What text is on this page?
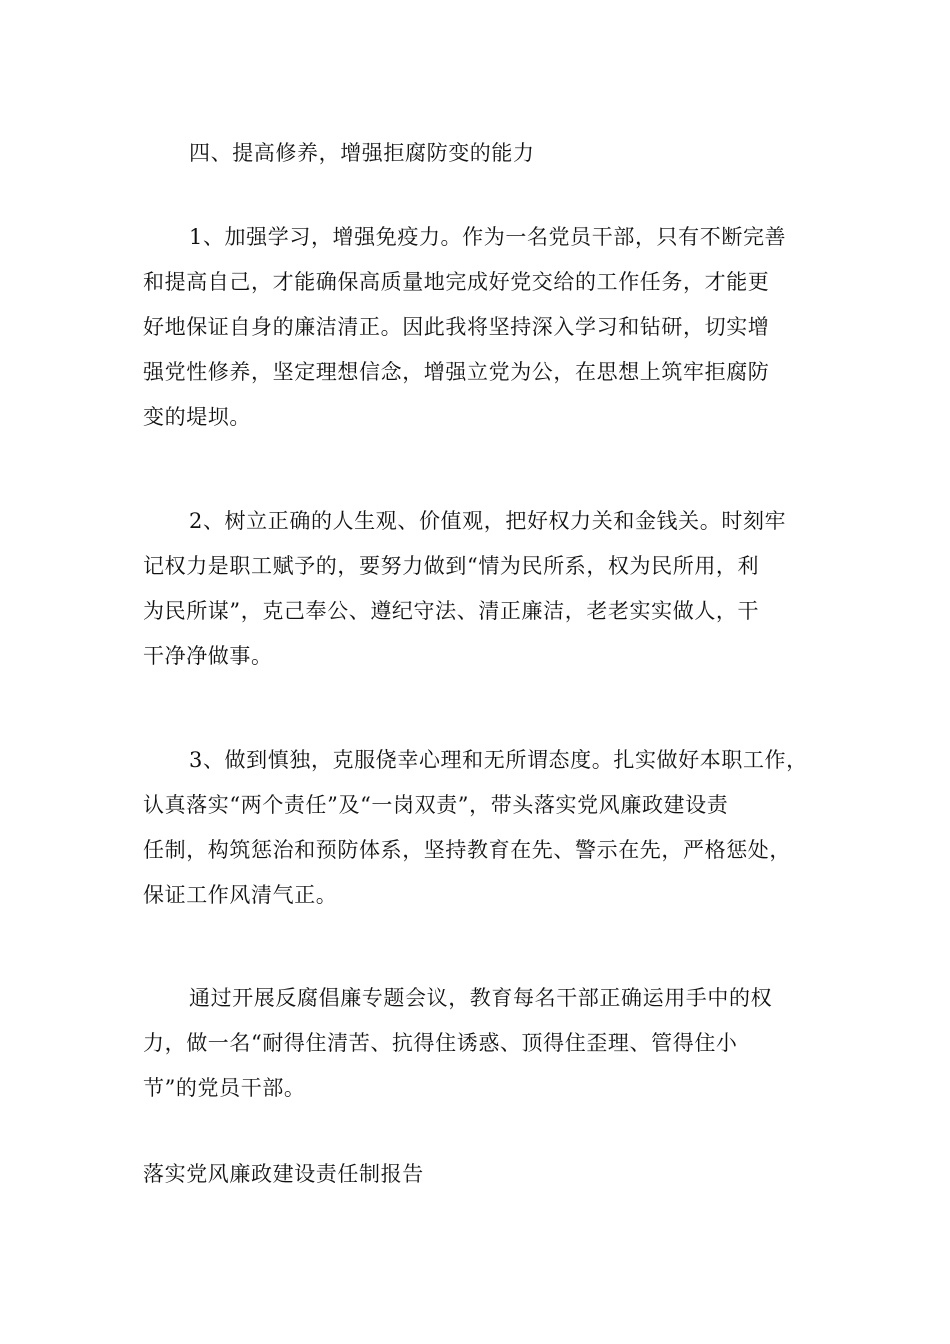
四、提高修养，增强拒腐防变的能力

1、加强学习，增强免疫力。作为一名党员干部，只有不断完善
和提高自己，才能确保高质量地完成好党交给的工作任务，才能更
好地保证自身的廉洁清正。因此我将坚持深入学习和钻研，切实增
强党性修养，坚定理想信念，增强立党为公，在思想上筑牢拒腐防
变的堤坝。
2、树立正确的人生观、价值观，把好权力关和金钱关。时刻牢
记权力是职工赋予的，要努力做到“情为民所系，权为民所用，利
为民所谋”，克己奉公、遵纪守法、清正廉洁，老老实实做人，干
干净净做事。
3、做到慎独，克服侥幸心理和无所谓态度。扎实做好本职工作，
认真落实“两个责任”及“一岗双责”，带头落实党风廉政建设责
任制，构筑惩治和预防体系，坚持教育在先、警示在先，严格惩处，
保证工作风清气正。
通过开展反腐倡廉专题会议，教育每名干部正确运用手中的权
力，做一名“耐得住清苦、抗得住诱惑、顶得住歪理、管得住小
节”的党员干部。

落实党风廉政建设责任制报告
